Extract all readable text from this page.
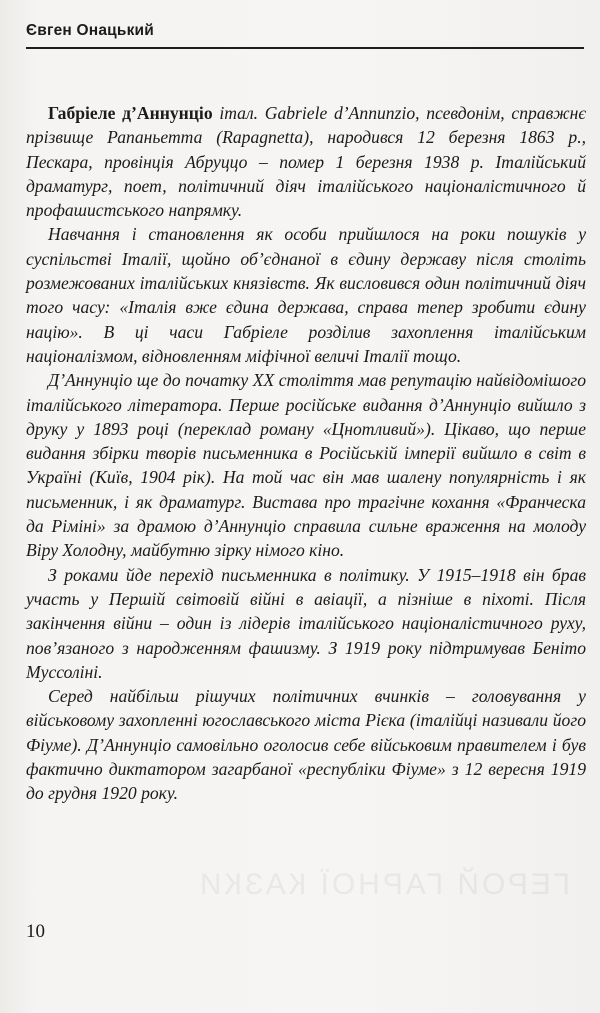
Євген Онацький

Габріеле д’Аннунціо італ. Gabriele d’Annunzio, псевдонім, справжнє прізвище Рапаньетта (Rapagnetta), народився 12 березня 1863 р., Пескара, провінція Абруццо – помер 1 березня 1938 р. Італійський драматург, поет, політичний діяч італійського націоналістичного й профашистського напрямку.

Навчання і становлення як особи прийшлося на роки пошуків у суспільстві Італії, щойно об’єднаної в єдину державу після століть розмежованих італійських князівств. Як висловився один політичний діяч того часу: «Італія вже єдина держава, справа тепер зробити єдину націю». В ці часи Габріеле розділив захоплення італійським націоналізмом, відновленням міфічної величі Італії тощо.

Д’Аннунціо ще до початку XX століття мав репутацію найвідомішого італійського літератора. Перше російське видання д’Аннунціо вийшло з друку у 1893 році (переклад роману «Цнотливий»). Цікаво, що перше видання збірки творів письменника в Російській імперії вийшло в світ в Україні (Київ, 1904 рік). На той час він мав шалену популярність і як письменник, і як драматург. Вистава про трагічне кохання «Франческа да Ріміні» за драмою д’Аннунціо справила сильне враження на молоду Віру Холодну, майбутню зірку німого кіно.

З роками йде перехід письменника в політику. У 1915–1918 він брав участь у Першій світовій війні в авіації, а пізніше в піхоті. Після закінчення війни – один із лідерів італійського націоналістичного руху, пов’язаного з народженням фашизму. З 1919 року підтримував Беніто Муссоліні.

Серед найбільш рішучих політичних вчинків – головування у військовому захопленні югославського міста Рієка (італійці називали його Фіуме). Д’Аннунціо самовільно оголосив себе військовим правителем і був фактично диктатором загарбаної «республіки Фіуме» з 12 вересня 1919 до грудня 1920 року.

ГЕРОЙ ГАРНОЇ КАЗКИ
10
